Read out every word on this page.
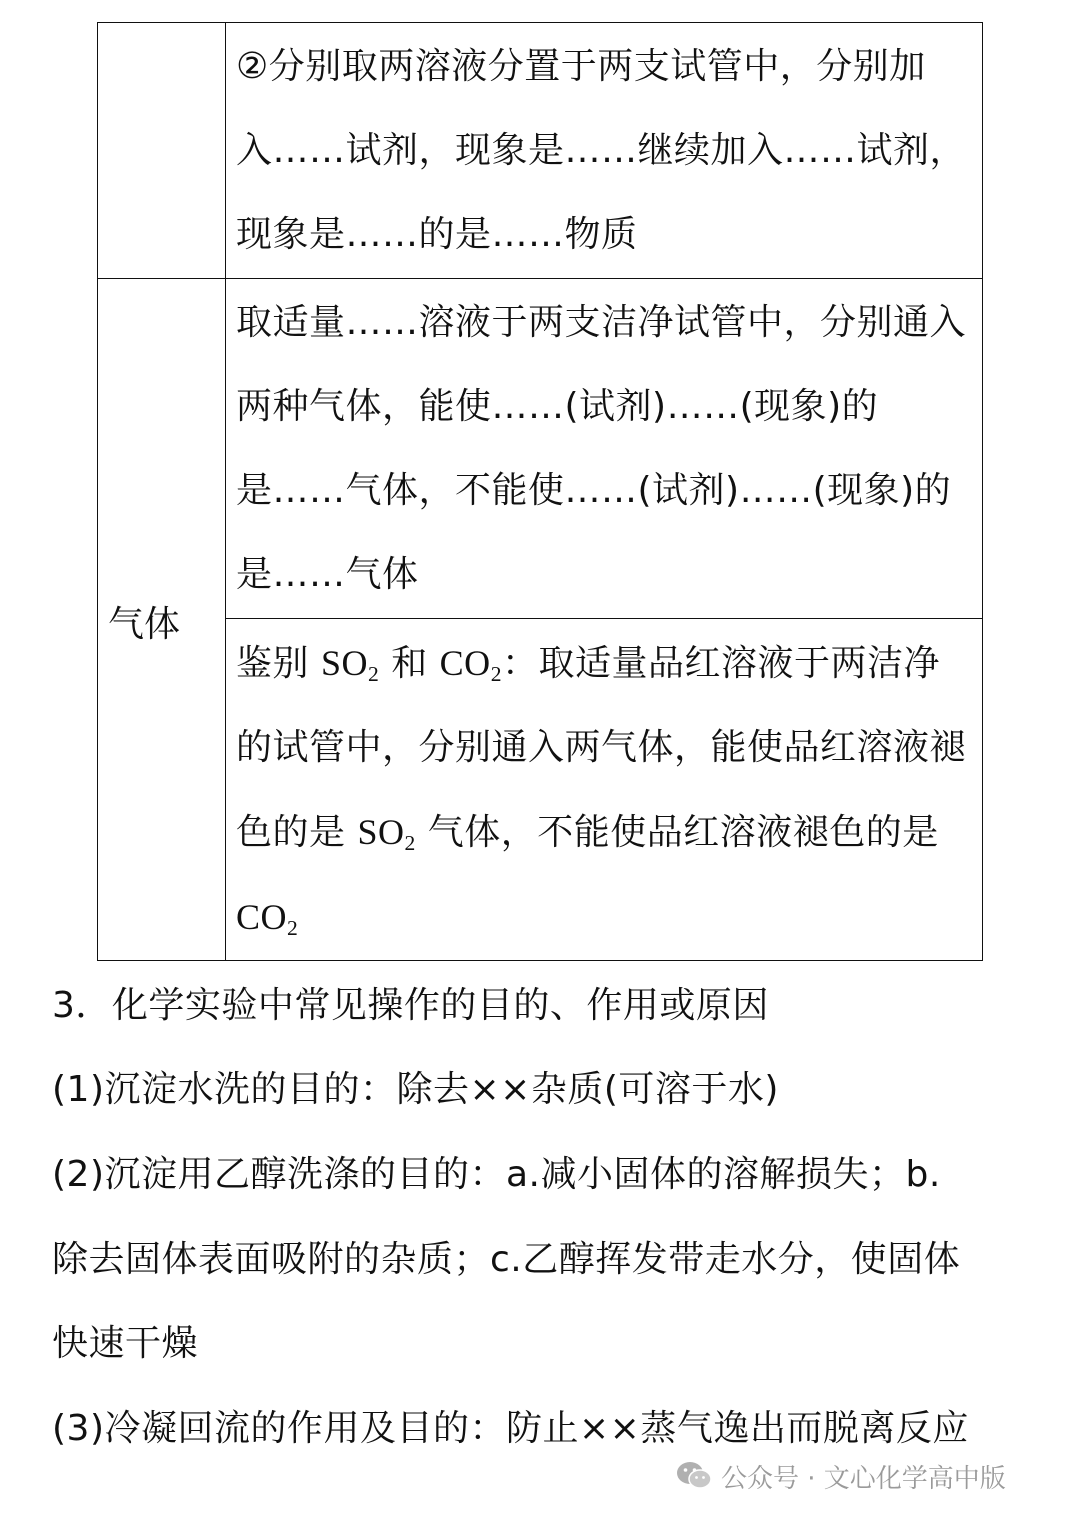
	②分别取两溶液分置于两支试管中，分别加入……试剂，现象是……继续加入……试剂，现象是……的是……物质

气体	取适量……溶液于两支洁净试管中，分别通入两种气体，能使……(试剂)……(现象)的是……气体，不能使……(试剂)……(现象)的是……气体

	鉴别 $SO_2$ 和 $CO_2$：取适量品红溶液于两洁净的试管中，分别通入两气体，能使品红溶液褪色的是 $SO_2$ 气体，不能使品红溶液褪色的是 $CO_2$
3．化学实验中常见操作的目的、作用或原因
(1)沉淀水洗的目的：除去××杂质(可溶于水)
(2)沉淀用乙醇洗涤的目的：a.减小固体的溶解损失；b.
除去固体表面吸附的杂质；c.乙醇挥发带走水分，使固体
快速干燥
(3)冷凝回流的作用及目的：防止××蒸气逸出而脱离反应
公众号 · 文心化学高中版
